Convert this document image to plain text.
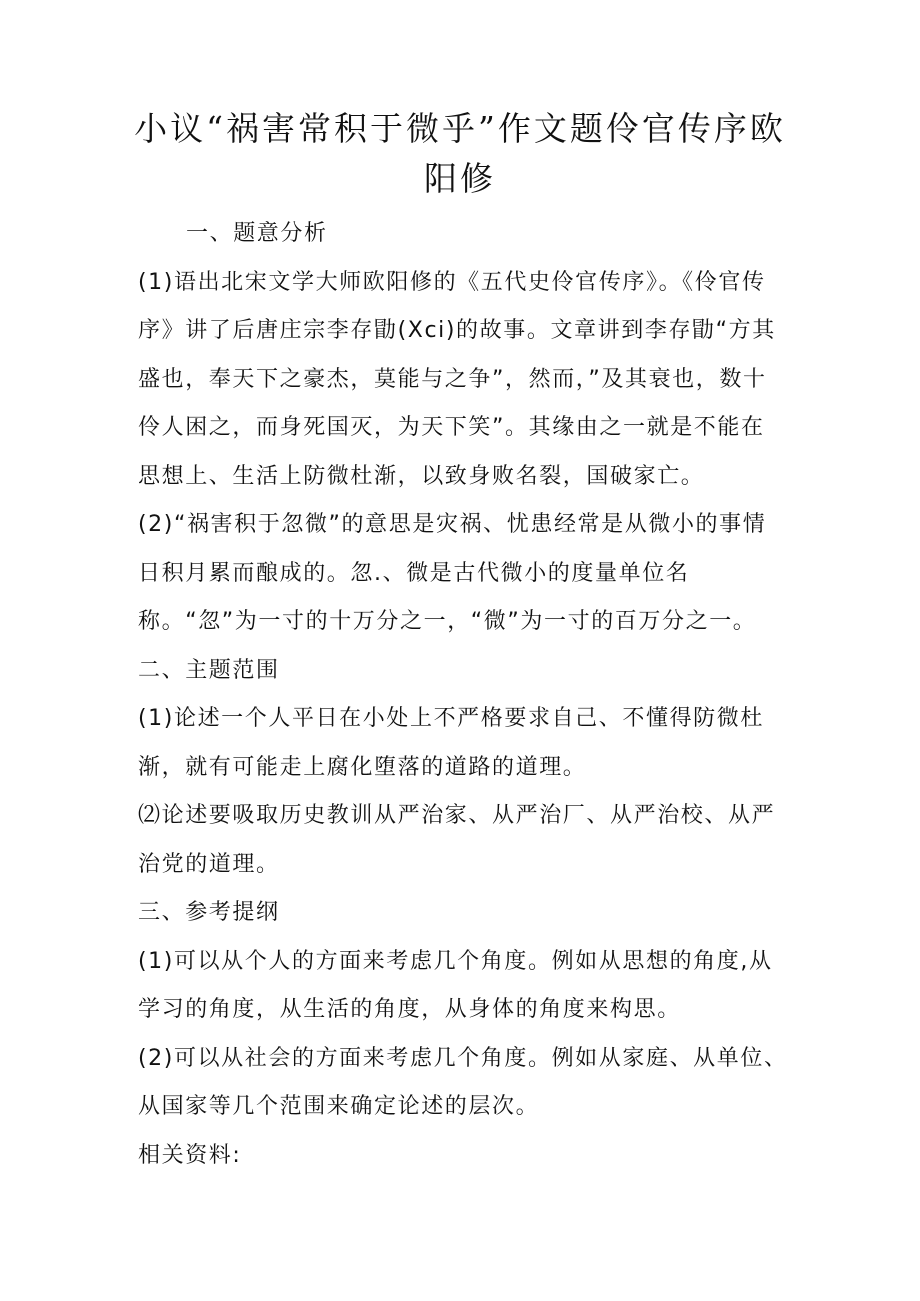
小议“祸害常积于微乎”作文题伶官传序欧阳修

一、题意分析

(1)语出北宋文学大师欧阳修的《五代史伶官传序》。《伶官传序》讲了后唐庄宗李存勖(Xci)的故事。文章讲到李存勖“方其盛也，奉天下之豪杰，莫能与之争”，然而，”及其衰也，数十伶人困之，而身死国灭，为天下笑”。其缘由之一就是不能在思想上、生活上防微杜渐，以致身败名裂，国破家亡。

(2)“祸害积于忽微”的意思是灾祸、忧患经常是从微小的事情日积月累而酿成的。忽.、微是古代微小的度量单位名称。“忽”为一寸的十万分之一，“微”为一寸的百万分之一。二、主题范围

(1)论述一个人平日在小处上不严格要求自己、不懂得防微杜渐，就有可能走上腐化堕落的道路的道理。

⑵论述要吸取历史教训从严治家、从严治厂、从严治校、从严治党的道理。

三、参考提纲

(1)可以从个人的方面来考虑几个角度。例如从思想的角度,从学习的角度，从生活的角度，从身体的角度来构思。

(2)可以从社会的方面来考虑几个角度。例如从家庭、从单位、从国家等几个范围来确定论述的层次。

相关资料:
